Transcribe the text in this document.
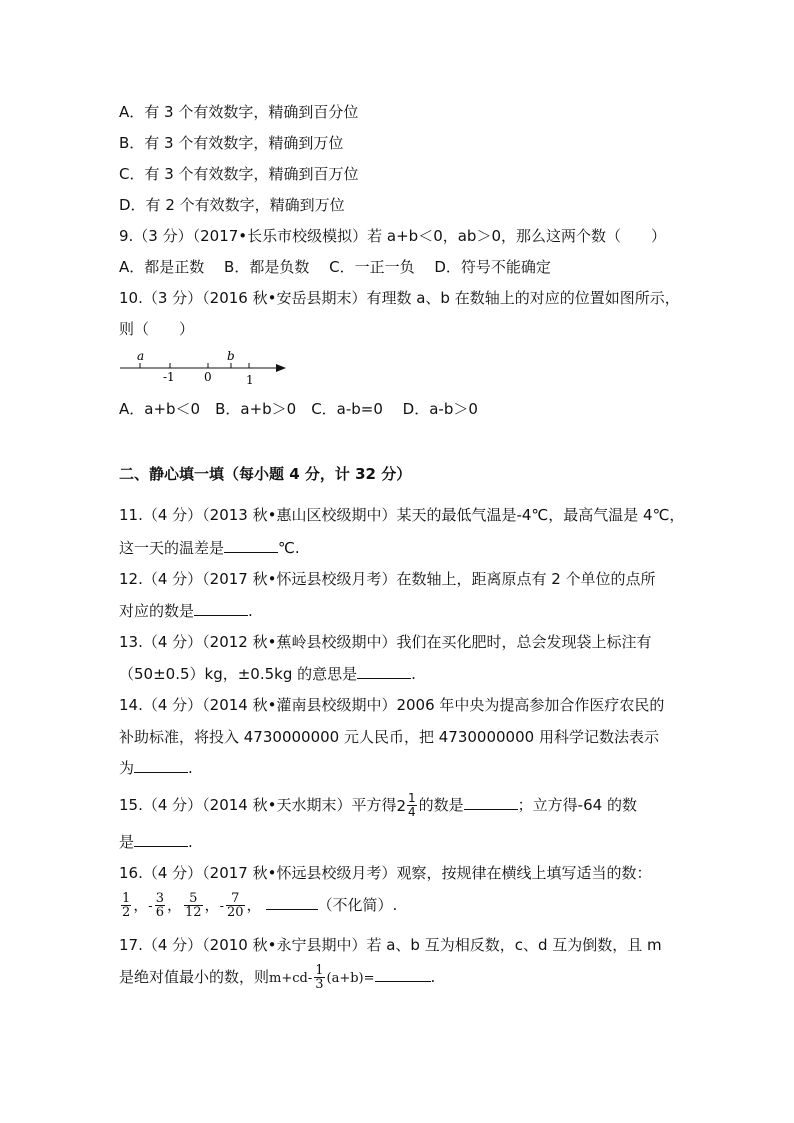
A．有 3 个有效数字，精确到百分位
B．有 3 个有效数字，精确到万位
C．有 3 个有效数字，精确到百万位
D．有 2 个有效数字，精确到万位
9.（3 分）（2017•长乐市校级模拟）若 a+b＜0，ab＞0，那么这两个数（　　）
A．都是正数　 B．都是负数　 C．一正一负　 D．符号不能确定
10.（3 分）（2016 秋•安岳县期末）有理数 a、b 在数轴上的对应的位置如图所示，
则（　　）
a	b
-1 0	1
A．a+b＜0　B．a+b＞0　C．a-b=0　 D．a-b＞0
二、静心填一填（每小题 4 分，计 32 分）
11.（4 分）（2013 秋•惠山区校级期中）某天的最低气温是-4℃，最高气温是 4℃，
这一天的温差是	℃.
12.（4 分）（2017 秋•怀远县校级月考）在数轴上，距离原点有 2 个单位的点所
对应的数是	.
13.（4 分）（2012 秋•蕉岭县校级期中）我们在买化肥时，总会发现袋上标注有
（50±0.5）kg，±0.5kg 的意思是	.
14.（4 分）（2014 秋•灌南县校级期中）2006 年中央为提高参加合作医疗农民的
补助标准，将投入 4730000000 元人民币，把 4730000000 用科学记数法表示
为	.
15.（4 分）（2014 秋•天水期末）平方得 $2 \frac{1}{4}$ 的数是	；立方得-64 的数
是	.
16.（4 分）（2017 秋•怀远县校级月考）观察，按规律在横线上填写适当的数：
$\frac{1}{2}$ ，- $\frac{3}{6}$ ， $\frac{5}{12}$ ，- $\frac{7}{20}$ ，	（不化简）.
17.（4 分）（2010 秋•永宁县期中）若 a、b 互为相反数，c、d 互为倒数，且 m
是绝对值最小的数，则$m+cd- \frac{1}{3} (a+b)=$	.
